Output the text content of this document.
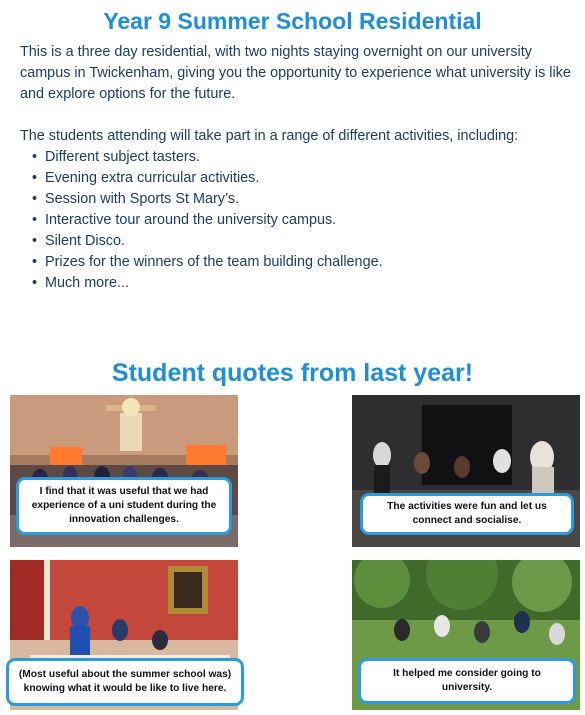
Year 9 Summer School Residential

This is a three day residential, with two nights staying overnight on our university campus in Twickenham, giving you the opportunity to experience what university is like and explore options for the future.

The students attending will take part in a range of different activities, including:

• Different subject tasters.
• Evening extra curricular activities.
• Session with Sports St Mary’s.
• Interactive tour around the university campus.
• Silent Disco.
• Prizes for the winners of the team building challenge.
• Much more...
Student quotes from last year!
I find that it was useful that we had experience of a uni student during the innovation challenges.
The activities were fun and let us connect and socialise.
(Most useful about the summer school was) knowing what it would be like to live here.
It helped me consider going to university.
